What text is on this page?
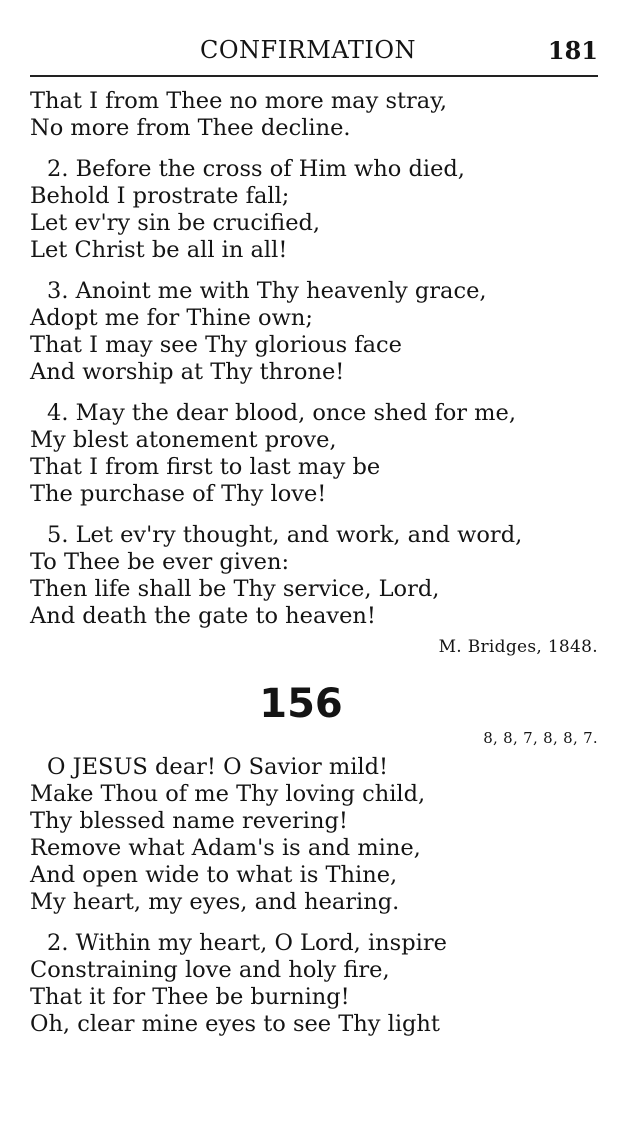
CONFIRMATION	181
That I from Thee no more may stray,
No more from Thee decline.
2. Before the cross of Him who died,
Behold I prostrate fall;
Let ev'ry sin be crucified,
Let Christ be all in all!
3. Anoint me with Thy heavenly grace,
Adopt me for Thine own;
That I may see Thy glorious face
And worship at Thy throne!
4. May the dear blood, once shed for me,
My blest atonement prove,
That I from first to last may be
The purchase of Thy love!
5. Let ev'ry thought, and work, and word,
To Thee be ever given:
Then life shall be Thy service, Lord,
And death the gate to heaven!
M. Bridges, 1848.
156
8, 8, 7, 8, 8, 7.
O JESUS dear! O Savior mild!
Make Thou of me Thy loving child,
Thy blessed name revering!
Remove what Adam's is and mine,
And open wide to what is Thine,
My heart, my eyes, and hearing.
2. Within my heart, O Lord, inspire
Constraining love and holy fire,
That it for Thee be burning!
Oh, clear mine eyes to see Thy light
